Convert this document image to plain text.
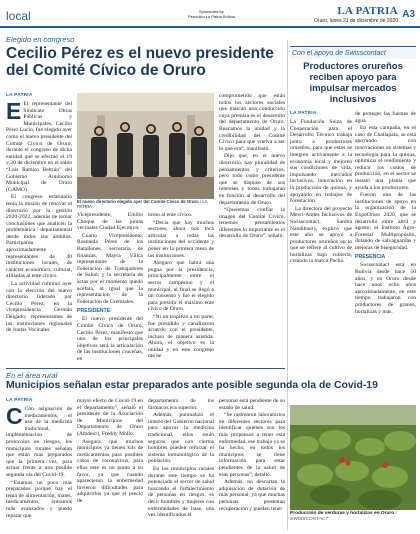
local	Sponsored by
Periódico La Patria Bolivia	LA PATRIA
Oruro, lunes 21 de diciembre de 2020
A3
Elegido en congreso
Cecilio Pérez es el nuevo presidente del Comité Cívico de Oruro
LA PATRIA

E El representante del Sindicato Obras Públicas y Municipales, Cecilio Pérez Lucio, fue elegido ayer como el nuevo presidente del Comité Cívico de Oruro, durante el congreso de dicha entidad que se efectuó el 19 y 20 de diciembre en el salón “Luis Ramiro Beltrán” del Gobierno Autónomo Municipal de Oruro (GAMO).

El congreso estatutario tenía la misión de renovar el directorio por la gestión 2020-2022, además de tomar conclusiones que analicen la problemática departamental desde todos sus ámbitos. Participaron aproximadamente representantes de 40 instituciones locales, de carácter económico, cultural, afiliadas al ente cívico.

La actividad culminó ayer con la elección del nuevo directorio liderado por Cecilio Pérez, en la vicepresidencia Germán Delgado; representantes de las instituciones regionales de Juntas Vecinales.

El nuevo directorio elegido ayer del Comité Cívico de Oruro / LA PATRIA

Vicepresidente, Emilio Choque de las juntas vecinales Ciudad Ejecutiva.

Cuarto Vicepresidente, Rosmeda Pérez de los Batallones, secretaria de finanzas, Mayra Villca representante de la Federación de Trabajadores de Salud; y la secretaría de actas por el momento quedó acéfala, al igual que la representación de la Federación de Gremiales.

PRESIDENTE

El nuevo presidente del Comité Cívico de Oruro, Cecilio Pérez, manifestó que uno de los principales objetivos será la articulación de las instituciones cruceñas, en

torno al ente cívico.

“Decía que hay muchos sectores, ahora nos toca articular a todas las instituciones del occidente y poner en la primera mesa de las instituciones.

Aseguró que habrá una pugna por la presidencia, principalmente entre el sector campesino y el municipal, al final se llegó a un consenso y fue el elegido para presidir el máximo ente cívico de Oruro.

“Ni un tropiezo a mi parte, fue presidido y canalizaron acuerdo con el presidente, incluso de manera asistida. Ahora, el objetivo es la unidad y en este congreso me he

comprometido que están todos los sectores sociales que marcan una conducción cuya premisa es el desarrollo del departamento de Oruro. Buscamos la unidad y la credibilidad del Comité Cívico para que vuelva a ser lo que era”, manifestó.

Dijo que, en el nuevo directorio, hay pluralidad de pensamientos y criterios, pero todo como presidente que se dispuso de sus intereses y todos trabajaran en función al desarrollo del departamento de Oruro.

“Queremos confiar la imagen del Comité Cívico, tenemos pensamientos diferentes lo importante es el desarrollo de Oruro”, señaló.

Con el apoyo de Swisscontact
Productores orureños reciben apoyo para impulsar mercados inclusivos
LA PATRIA

La Fundación Suiza de Cooperación para el Desarrollo Técnico trabaja junto a productores orureños, para que estos se integren activamente a la economía local y mejoren sus condiciones de vida, impulsando mercados inclusivos, innovación en la producción de quinua, y apoyando en trabajos de forestación.

La directora del proyecto Merci-Andes Inclusivos de Swisscontact, Sandra Nandibuery, explicó que este año se apoyó a productores orureños en lo que se refiere al cultivo de hortalizas bajo cubierta, creando la marca Pacha.

de proteger las fuentes de agua.

En esta campaña, en el caso de Challapata, se está apoyando con innovaciones en sistemas y tecnología para la quinua, optimizar el rendimiento y reducir los costos de producción, en el sector se instaló una planta que ayuda a los productores.

Fueron una de las instituciones de apoyo en la organización de la ExpoOruro 2020, que se desarrolló entre abril y agosto; el Instituto Agro-Forestal Multipropósito, dotando de salvaguardas y mejoras de biseguridad.

PRESENCIA

Swisscontact está en Bolivia desde hace 50 años, y en Oruro desde hace unos ocho años aproximadamente, en este tiempo trabajaron con productores de granos, hortalizas y más.

Producción de verduras y hortalizas en Oruro / SWISSCONTACT
En el área rural
Municipios señalan estar preparados ante posible segunda ola de Covid-19
LA PATRIA

C Con asignación de medicamentos, el uso de la medicina tradicional, implementación de protocolos en riesgos, los municipios rurales señalan que están más preparados que la primera vez, para actuar frente a una posible segunda ola del Covid-19.

“Estamos un poco más preparados porque hay el tema de alimentación, mates, medicamentos, entramos más avanzados y puedo reparar que

mayor efecto de Covid-19 en el departamento”, señaló el presidente de la Asociación de Municipios del Departamento de Oruro (Amdeor), Freddy Mollo.

Asegura que muchos municipios ya tienen kits de medicamentos para posibles casos de coronavirus, para ellos este es un punto a su favor, ya que cuando aparecieron la enfermedad tuvieron dificultades para adquirirlos ya que el precio de

departamento de los fármacos era superior.

Además, puntualizó el interés del Gobierno nacional para apoyar la medicina tradicional, ellos están seguros que con ciertos hombres pueden reforzar el sistema inmunológico de la población.

En los municipios rurales durante este tiempo se ha potenciado el sector de salud buscando el fortalecimiento de personas en riesgos, es decir hombres y mujeres con enfermedades de base, una vez identificados el

personal está pendiente de su estado de salud.

“Se rastrearon laboratorios en diferentes sectores para identificar quiénes son los más propensos a tener esta enfermedad, ese trabajo ya se ha hecho, en todos los municipios se tiene información para estar pendientes de la salud de esas personas”, detalló.

Además, no descartan la adquisición de dotación de más personal, ya que muchas personas presentan recuperación y pueden tener
